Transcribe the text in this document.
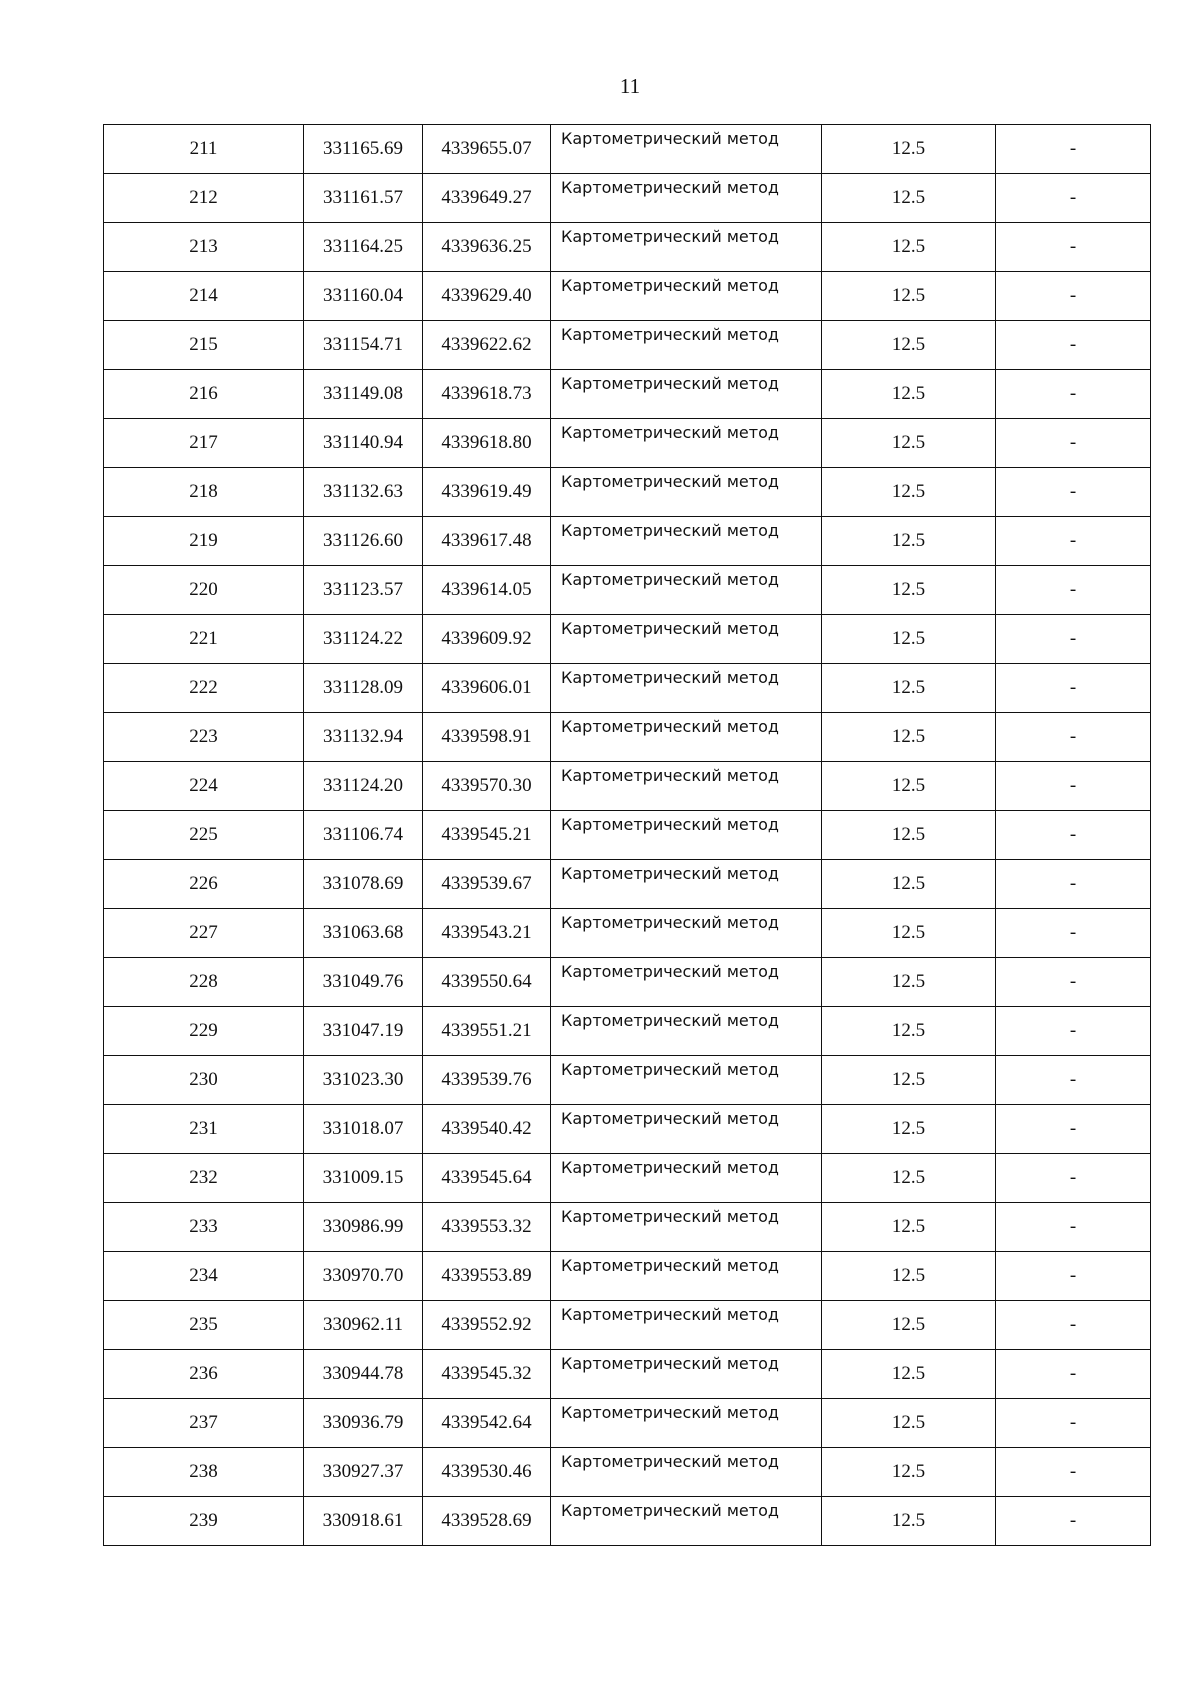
11
211	331165.69	4339655.07	Картометрический метод	12.5	-
212	331161.57	4339649.27	Картометрический метод	12.5	-
213	331164.25	4339636.25	Картометрический метод	12.5	-
214	331160.04	4339629.40	Картометрический метод	12.5	-
215	331154.71	4339622.62	Картометрический метод	12.5	-
216	331149.08	4339618.73	Картометрический метод	12.5	-
217	331140.94	4339618.80	Картометрический метод	12.5	-
218	331132.63	4339619.49	Картометрический метод	12.5	-
219	331126.60	4339617.48	Картометрический метод	12.5	-
220	331123.57	4339614.05	Картометрический метод	12.5	-
221	331124.22	4339609.92	Картометрический метод	12.5	-
222	331128.09	4339606.01	Картометрический метод	12.5	-
223	331132.94	4339598.91	Картометрический метод	12.5	-
224	331124.20	4339570.30	Картометрический метод	12.5	-
225	331106.74	4339545.21	Картометрический метод	12.5	-
226	331078.69	4339539.67	Картометрический метод	12.5	-
227	331063.68	4339543.21	Картометрический метод	12.5	-
228	331049.76	4339550.64	Картометрический метод	12.5	-
229	331047.19	4339551.21	Картометрический метод	12.5	-
230	331023.30	4339539.76	Картометрический метод	12.5	-
231	331018.07	4339540.42	Картометрический метод	12.5	-
232	331009.15	4339545.64	Картометрический метод	12.5	-
233	330986.99	4339553.32	Картометрический метод	12.5	-
234	330970.70	4339553.89	Картометрический метод	12.5	-
235	330962.11	4339552.92	Картометрический метод	12.5	-
236	330944.78	4339545.32	Картометрический метод	12.5	-
237	330936.79	4339542.64	Картометрический метод	12.5	-
238	330927.37	4339530.46	Картометрический метод	12.5	-
239	330918.61	4339528.69	Картометрический метод	12.5	-
